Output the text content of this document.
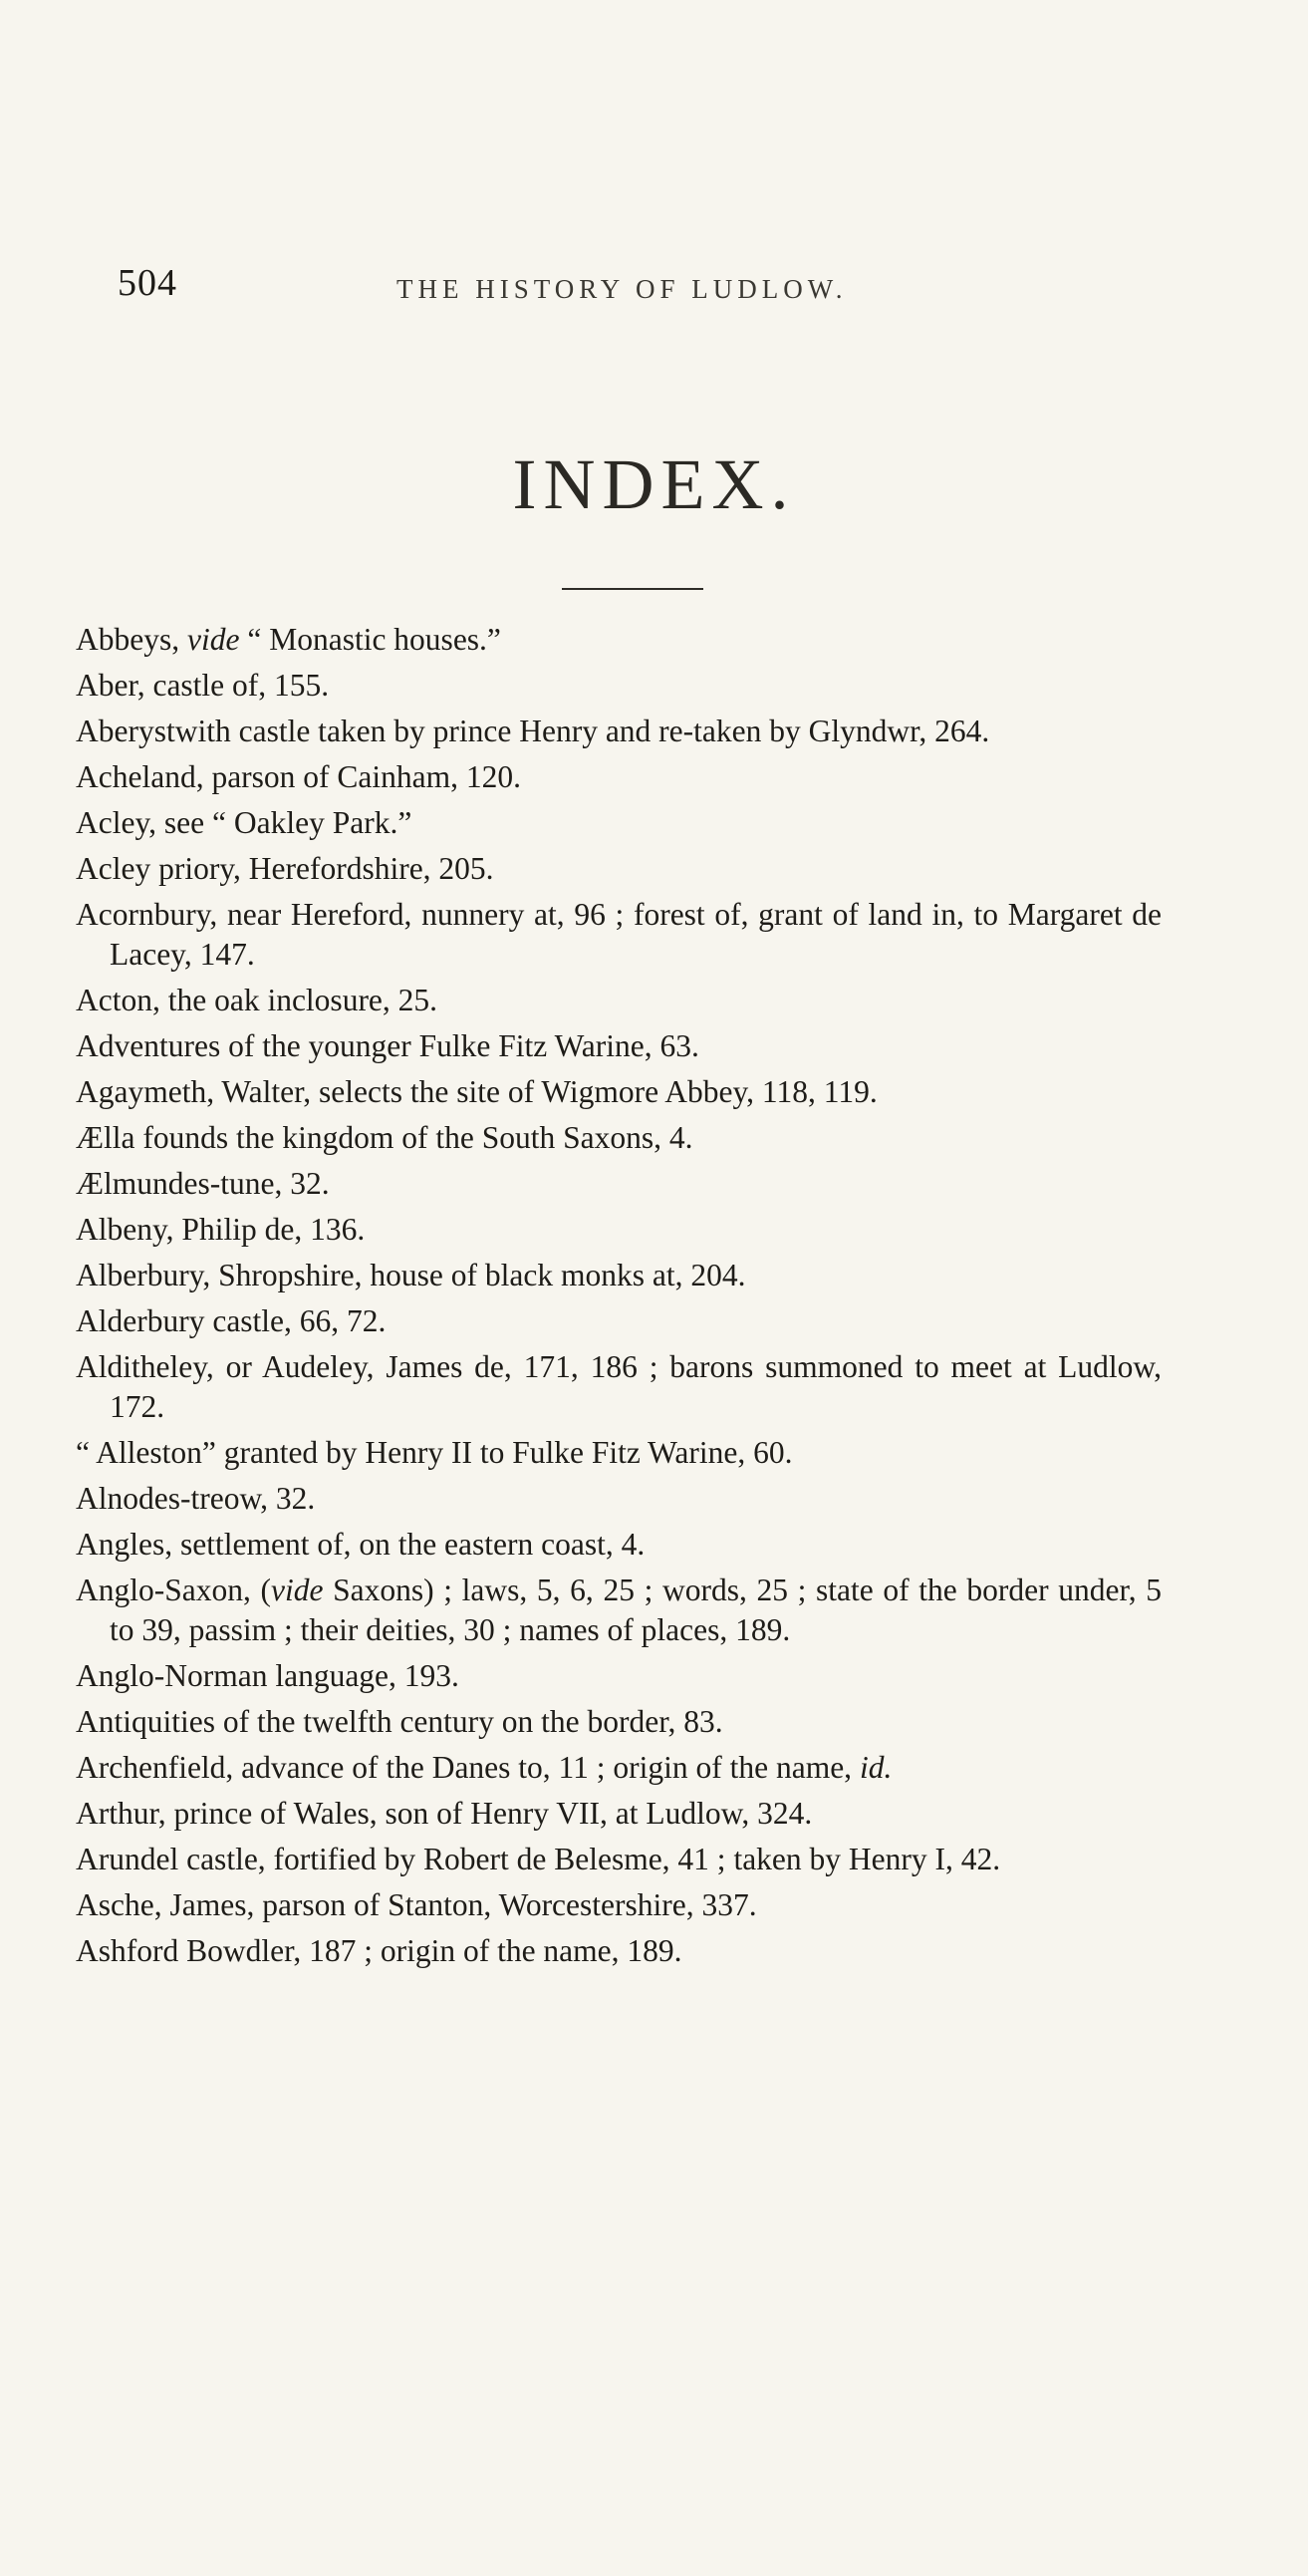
504	THE HISTORY OF LUDLOW.
INDEX.
Abbeys, vide “ Monastic houses.”
Aber, castle of, 155.
Aberystwith castle taken by prince Henry and re-taken by Glyndwr, 264.
Acheland, parson of Cainham, 120.
Acley, see “ Oakley Park.”
Acley priory, Herefordshire, 205.
Acornbury, near Hereford, nunnery at, 96 ; forest of, grant of land in, to Margaret de Lacey, 147.
Acton, the oak inclosure, 25.
Adventures of the younger Fulke Fitz Warine, 63.
Agaymeth, Walter, selects the site of Wigmore Abbey, 118, 119.
Ælla founds the kingdom of the South Saxons, 4.
Ælmundes-tune, 32.
Albeny, Philip de, 136.
Alberbury, Shropshire, house of black monks at, 204.
Alderbury castle, 66, 72.
Alditheley, or Audeley, James de, 171, 186 ; barons summoned to meet at Ludlow, 172.
“ Alleston” granted by Henry II to Fulke Fitz Warine, 60.
Alnodes-treow, 32.
Angles, settlement of, on the eastern coast, 4.
Anglo-Saxon, (vide Saxons) ; laws, 5, 6, 25 ; words, 25 ; state of the border under, 5 to 39, passim ; their deities, 30 ; names of places, 189.
Anglo-Norman language, 193.
Antiquities of the twelfth century on the border, 83.
Archenfield, advance of the Danes to, 11 ; origin of the name, id.
Arthur, prince of Wales, son of Henry VII, at Ludlow, 324.
Arundel castle, fortified by Robert de Belesme, 41 ; taken by Henry I, 42.
Asche, James, parson of Stanton, Worcestershire, 337.
Ashford Bowdler, 187 ; origin of the name, 189.
